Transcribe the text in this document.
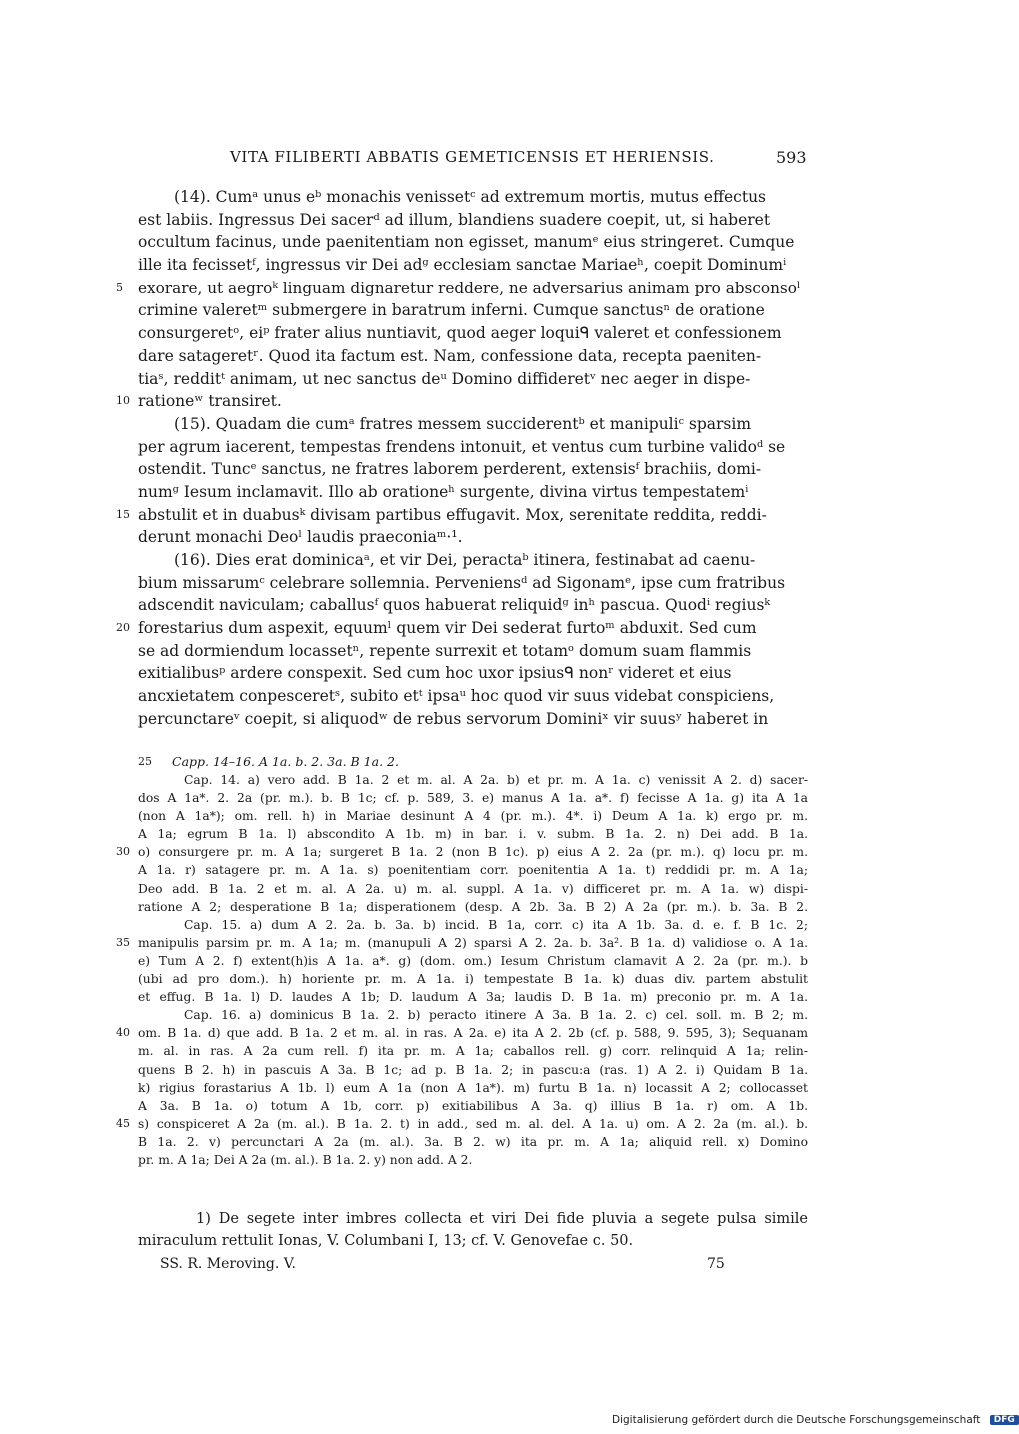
VITA FILIBERTI ABBATIS GEMETICENSIS ET HERIENSIS.	593
(14). Cumᵃ unus eᵇ monachis venissetᶜ ad extremum mortis, mutus effectus
est labiis. Ingressus Dei sacerᵈ ad illum, blandiens suadere coepit, ut, si haberet
occultum facinus, unde paenitentiam non egisset, manumᵉ eius stringeret. Cumque
ille ita fecissetᶠ, ingressus vir Dei adᵍ ecclesiam sanctae Mariaeʰ, coepit Dominumⁱ
5 exorare, ut aegroᵏ linguam dignaretur reddere, ne adversarius animam pro absconsoˡ
crimine valeretᵐ submergere in baratrum inferni. Cumque sanctusⁿ de oratione
consurgeretᵒ, eiᵖ frater alius nuntiavit, quod aeger loquiᑫ valeret et confessionem
dare satageretʳ. Quod ita factum est. Nam, confessione data, recepta paeniten-
tiaˢ, redditᵗ animam, ut nec sanctus deᵘ Domino diffideretᵛ nec aeger in dispe-
10 rationeʷ transiret.
(15). Quadam die cumᵃ fratres messem succiderentᵇ et manipuliᶜ sparsim
per agrum iacerent, tempestas frendens intonuit, et ventus cum turbine validoᵈ se
ostendit. Tuncᵉ sanctus, ne fratres laborem perderent, extensisᶠ brachiis, domi-
numᵍ Iesum inclamavit. Illo ab orationeʰ surgente, divina virtus tempestatemⁱ
15 abstulit et in duabusᵏ divisam partibus effugavit. Mox, serenitate reddita, reddi-
derunt monachi Deoˡ laudis praeconiaᵐ·¹.
(16). Dies erat dominicaᵃ, et vir Dei, peractaᵇ itinera, festinabat ad caenu-
bium missarumᶜ celebrare sollemnia. Perveniensᵈ ad Sigonamᵉ, ipse cum fratribus
adscendit naviculam; caballusᶠ quos habuerat reliquidᵍ inʰ pascua. Quodⁱ regiusᵏ
20 forestarius dum aspexit, equumˡ quem vir Dei sederat furtoᵐ abduxit. Sed cum
se ad dormiendum locassetⁿ, repente surrexit et totamᵒ domum suam flammis
exitialibusᵖ ardere conspexit. Sed cum hoc uxor ipsiusᑫ nonʳ videret et eius
ancxietatem conpesceretˢ, subito etᵗ ipsaᵘ hoc quod vir suus videbat conspiciens,
percunctareᵛ coepit, si aliquodʷ de rebus servorum Dominiˣ vir suusʸ haberet in
25 Capp. 14–16. A 1a. b. 2. 3a. B 1a. 2.
Cap. 14. a) vero add. B 1a. 2 et m. al. A 2a. b) et pr. m. A 1a. c) venissit A 2. d) sacer-
dos A 1a*. 2. 2a (pr. m.). b. B 1c; cf. p. 589, 3. e) manus A 1a. a*. f) fecisse A 1a. g) ita A 1a
(non A 1a*); om. rell. h) in Mariae desinunt A 4 (pr. m.). 4*. i) Deum A 1a. k) ergo pr. m.
A 1a; egrum B 1a. l) abscondito A 1b. m) in bar. i. v. subm. B 1a. 2. n) Dei add. B 1a.
30 o) consurgere pr. m. A 1a; surgeret B 1a. 2 (non B 1c). p) eius A 2. 2a (pr. m.). q) locu pr. m.
A 1a. r) satagere pr. m. A 1a. s) poenitentiam corr. poenitentia A 1a. t) reddidi pr. m. A 1a;
Deo add. B 1a. 2 et m. al. A 2a. u) m. al. suppl. A 1a. v) difficeret pr. m. A 1a. w) dispi-
ratione A 2; desperatione B 1a; disperationem (desp. A 2b. 3a. B 2) A 2a (pr. m.). b. 3a. B 2.
Cap. 15. a) dum A 2. 2a. b. 3a. b) incid. B 1a, corr. c) ita A 1b. 3a. d. e. f. B 1c. 2;
35 manipulis parsim pr. m. A 1a; m. (manupuli A 2) sparsi A 2. 2a. b. 3a². B 1a. d) validiose o. A 1a.
e) Tum A 2. f) extent(h)is A 1a. a*. g) (dom. om.) Iesum Christum clamavit A 2. 2a (pr. m.). b
(ubi ad pro dom.). h) horiente pr. m. A 1a. i) tempestate B 1a. k) duas div. partem abstulit
et effug. B 1a. l) D. laudes A 1b; D. laudum A 3a; laudis D. B 1a. m) preconio pr. m. A 1a.
Cap. 16. a) dominicus B 1a. 2. b) peracto itinere A 3a. B 1a. 2. c) cel. soll. m. B 2; m.
40 om. B 1a. d) que add. B 1a. 2 et m. al. in ras. A 2a. e) ita A 2. 2b (cf. p. 588, 9. 595, 3); Sequanam
m. al. in ras. A 2a cum rell. f) ita pr. m. A 1a; caballos rell. g) corr. relinquid A 1a; relin-
quens B 2. h) in pascuis A 3a. B 1c; ad p. B 1a. 2; in pascu:a (ras. 1) A 2. i) Quidam B 1a.
k) rigius forastarius A 1b. l) eum A 1a (non A 1a*). m) furtu B 1a. n) locassit A 2; collocasset
A 3a. B 1a. o) totum A 1b, corr. p) exitiabilibus A 3a. q) illius B 1a. r) om. A 1b.
45 s) conspiceret A 2a (m. al.). B 1a. 2. t) in add., sed m. al. del. A 1a. u) om. A 2. 2a (m. al.). b.
B 1a. 2. v) percunctari A 2a (m. al.). 3a. B 2. w) ita pr. m. A 1a; aliquid rell. x) Domino
pr. m. A 1a; Dei A 2a (m. al.). B 1a. 2. y) non add. A 2.
1) De segete inter imbres collecta et viri Dei fide pluvia a segete pulsa simile
miraculum rettulit Ionas, V. Columbani I, 13; cf. V. Genovefae c. 50.
SS. R. Meroving. V.	75
Digitalisierung gefördert durch die Deutsche Forschungsgemeinschaft DFG
